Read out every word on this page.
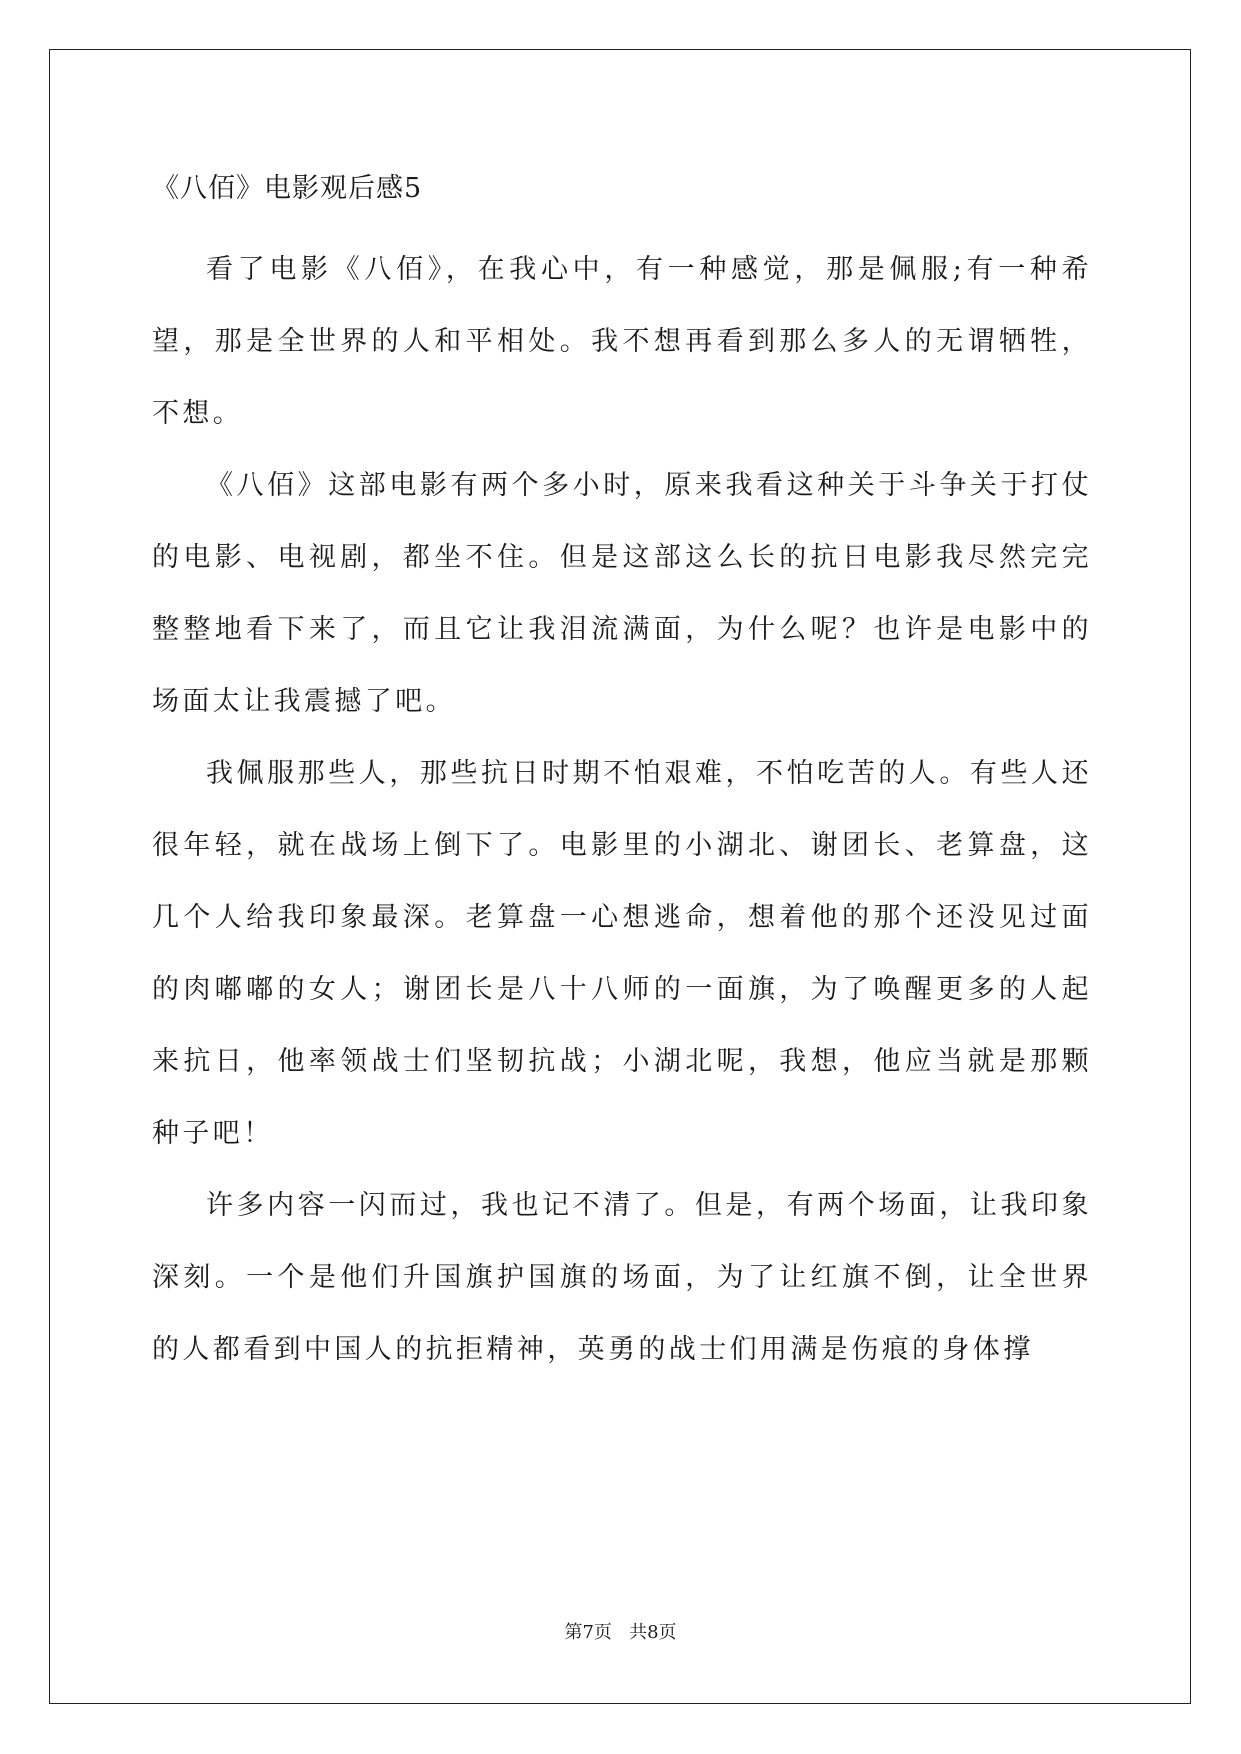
《八佰》电影观后感5

看了电影《八佰》，在我心中，有一种感觉，那是佩服;有一种希望，那是全世界的人和平相处。我不想再看到那么多人的无谓牺牲，不想。

《八佰》这部电影有两个多小时，原来我看这种关于斗争关于打仗的电影、电视剧，都坐不住。但是这部这么长的抗日电影我尽然完完整整地看下来了，而且它让我泪流满面，为什么呢？也许是电影中的场面太让我震撼了吧。

我佩服那些人，那些抗日时期不怕艰难，不怕吃苦的人。有些人还很年轻，就在战场上倒下了。电影里的小湖北、谢团长、老算盘，这几个人给我印象最深。老算盘一心想逃命，想着他的那个还没见过面的肉嘟嘟的女人；谢团长是八十八师的一面旗，为了唤醒更多的人起来抗日，他率领战士们坚韧抗战；小湖北呢，我想，他应当就是那颗种子吧！

许多内容一闪而过，我也记不清了。但是，有两个场面，让我印象深刻。一个是他们升国旗护国旗的场面，为了让红旗不倒，让全世界的人都看到中国人的抗拒精神，英勇的战士们用满是伤痕的身体撑

第7页   共8页
